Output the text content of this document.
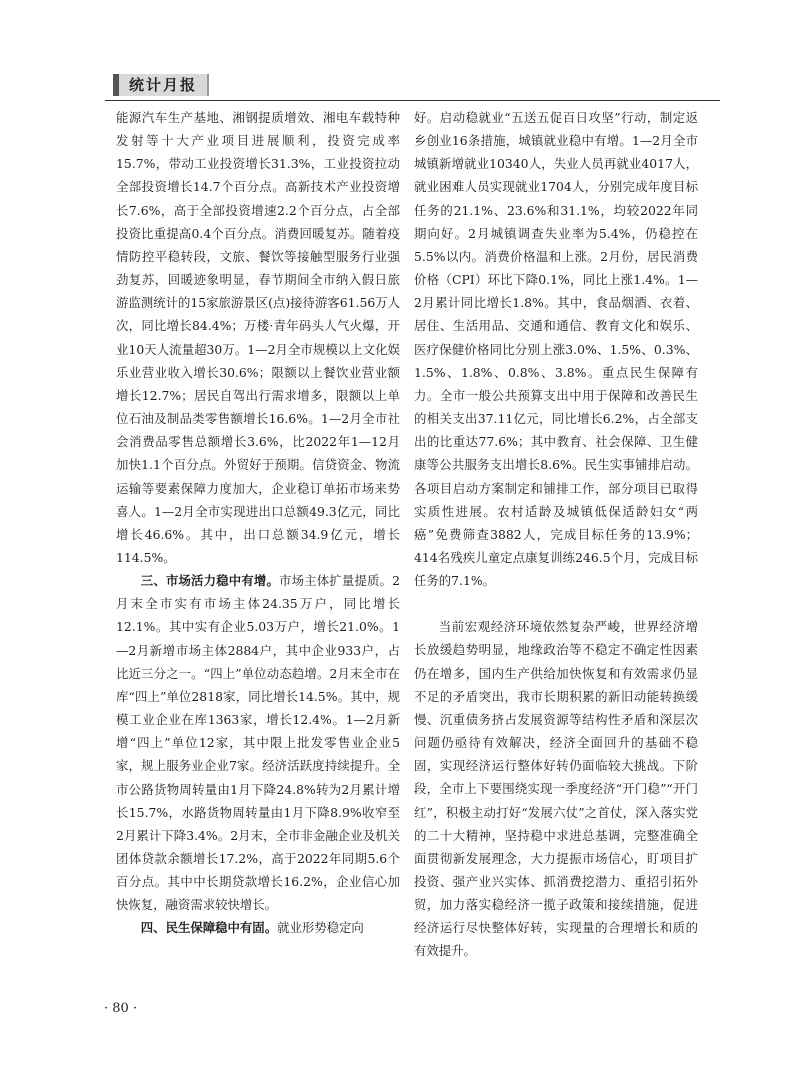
统计月报

能源汽车生产基地、湘钢提质增效、湘电车载特种发射等十大产业项目进展顺利，投资完成率15.7%，带动工业投资增长31.3%，工业投资拉动全部投资增长14.7个百分点。高新技术产业投资增长7.6%，高于全部投资增速2.2个百分点，占全部投资比重提高0.4个百分点。消费回暖复苏。随着疫情防控平稳转段，文旅、餐饮等接触型服务行业强劲复苏，回暖迹象明显，春节期间全市纳入假日旅游监测统计的15家旅游景区(点)接待游客61.56万人次，同比增长84.4%；万楼·青年码头人气火爆，开业10天人流量超30万。1—2月全市规模以上文化娱乐业营业收入增长30.6%；限额以上餐饮业营业额增长12.7%；居民自驾出行需求增多，限额以上单位石油及制品类零售额增长16.6%。1—2月全市社会消费品零售总额增长3.6%，比2022年1—12月加快1.1个百分点。外贸好于预期。信贷资金、物流运输等要素保障力度加大，企业稳订单拓市场来势喜人。1—2月全市实现进出口总额49.3亿元，同比增长46.6%。其中，出口总额34.9亿元，增长114.5%。

三、市场活力稳中有增。市场主体扩量提质。2月末全市实有市场主体24.35万户，同比增长12.1%。其中实有企业5.03万户，增长21.0%。1—2月新增市场主体2884户，其中企业933户，占比近三分之一。“四上”单位动态趋增。2月末全市在库“四上”单位2818家，同比增长14.5%。其中，规模工业企业在库1363家，增长12.4%。1—2月新增“四上”单位12家，其中限上批发零售业企业5家，规上服务业企业7家。经济活跃度持续提升。全市公路货物周转量由1月下降24.8%转为2月累计增长15.7%，水路货物周转量由1月下降8.9%收窄至2月累计下降3.4%。2月末，全市非金融企业及机关团体贷款余额增长17.2%，高于2022年同期5.6个百分点。其中中长期贷款增长16.2%，企业信心加快恢复，融资需求较快增长。

四、民生保障稳中有固。就业形势稳定向

好。启动稳就业“五送五促百日攻坚”行动，制定返乡创业16条措施，城镇就业稳中有增。1—2月全市城镇新增就业10340人，失业人员再就业4017人，就业困难人员实现就业1704人，分别完成年度目标任务的21.1%、23.6%和31.1%，均较2022年同期向好。2月城镇调查失业率为5.4%，仍稳控在5.5%以内。消费价格温和上涨。2月份，居民消费价格（CPI）环比下降0.1%，同比上涨1.4%。1—2月累计同比增长1.8%。其中，食品烟酒、衣着、居住、生活用品、交通和通信、教育文化和娱乐、医疗保健价格同比分别上涨3.0%、1.5%、0.3%、1.5%、1.8%、0.8%、3.8%。重点民生保障有力。全市一般公共预算支出中用于保障和改善民生的相关支出37.11亿元，同比增长6.2%，占全部支出的比重达77.6%；其中教育、社会保障、卫生健康等公共服务支出增长8.6%。民生实事铺排启动。各项目启动方案制定和铺排工作，部分项目已取得实质性进展。农村适龄及城镇低保适龄妇女“两癌”免费筛查3882人，完成目标任务的13.9%；414名残疾儿童定点康复训练246.5个月，完成目标任务的7.1%。

当前宏观经济环境依然复杂严峻，世界经济增长放缓趋势明显，地缘政治等不稳定不确定性因素仍在增多，国内生产供给加快恢复和有效需求仍显不足的矛盾突出，我市长期积累的新旧动能转换缓慢、沉重债务挤占发展资源等结构性矛盾和深层次问题仍亟待有效解决，经济全面回升的基础不稳固，实现经济运行整体好转仍面临较大挑战。下阶段，全市上下要围绕实现一季度经济“开门稳”“开门红”，积极主动打好“发展六仗”之首仗，深入落实党的二十大精神，坚持稳中求进总基调，完整准确全面贯彻新发展理念，大力提振市场信心，盯项目扩投资、强产业兴实体、抓消费挖潜力、重招引拓外贸，加力落实稳经济一揽子政策和接续措施，促进经济运行尽快整体好转，实现量的合理增长和质的有效提升。

· 80 ·
